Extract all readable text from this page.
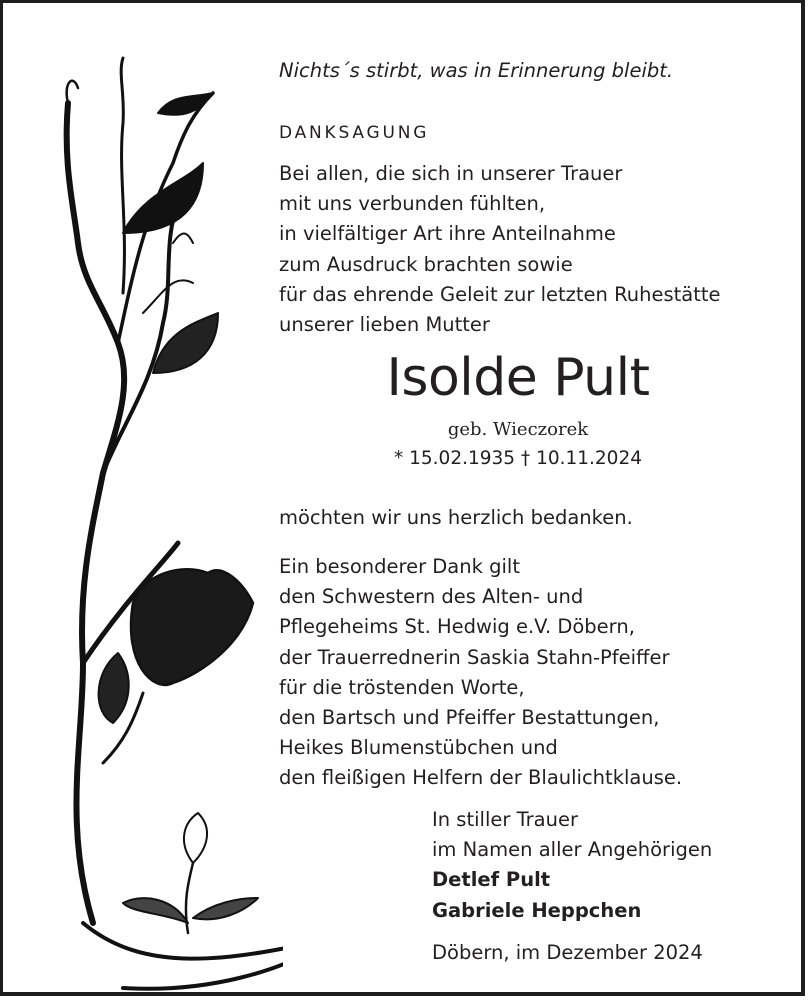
Nichts´s stirbt, was in Erinnerung bleibt.
DANKSAGUNG
Bei allen, die sich in unserer Trauer
mit uns verbunden fühlten,
in vielfältiger Art ihre Anteilnahme
zum Ausdruck brachten sowie
für das ehrende Geleit zur letzten Ruhestätte
unserer lieben Mutter
Isolde Pult
geb. Wieczorek
* 15.02.1935 † 10.11.2024
möchten wir uns herzlich bedanken.
Ein besonderer Dank gilt
den Schwestern des Alten- und
Pflegeheims St. Hedwig e.V. Döbern,
der Trauerrednerin Saskia Stahn-Pfeiffer
für die tröstenden Worte,
den Bartsch und Pfeiffer Bestattungen,
Heikes Blumenstübchen und
den fleißigen Helfern der Blaulichtklause.
In stiller Trauer
im Namen aller Angehörigen
Detlef Pult
Gabriele Heppchen
Döbern, im Dezember 2024
